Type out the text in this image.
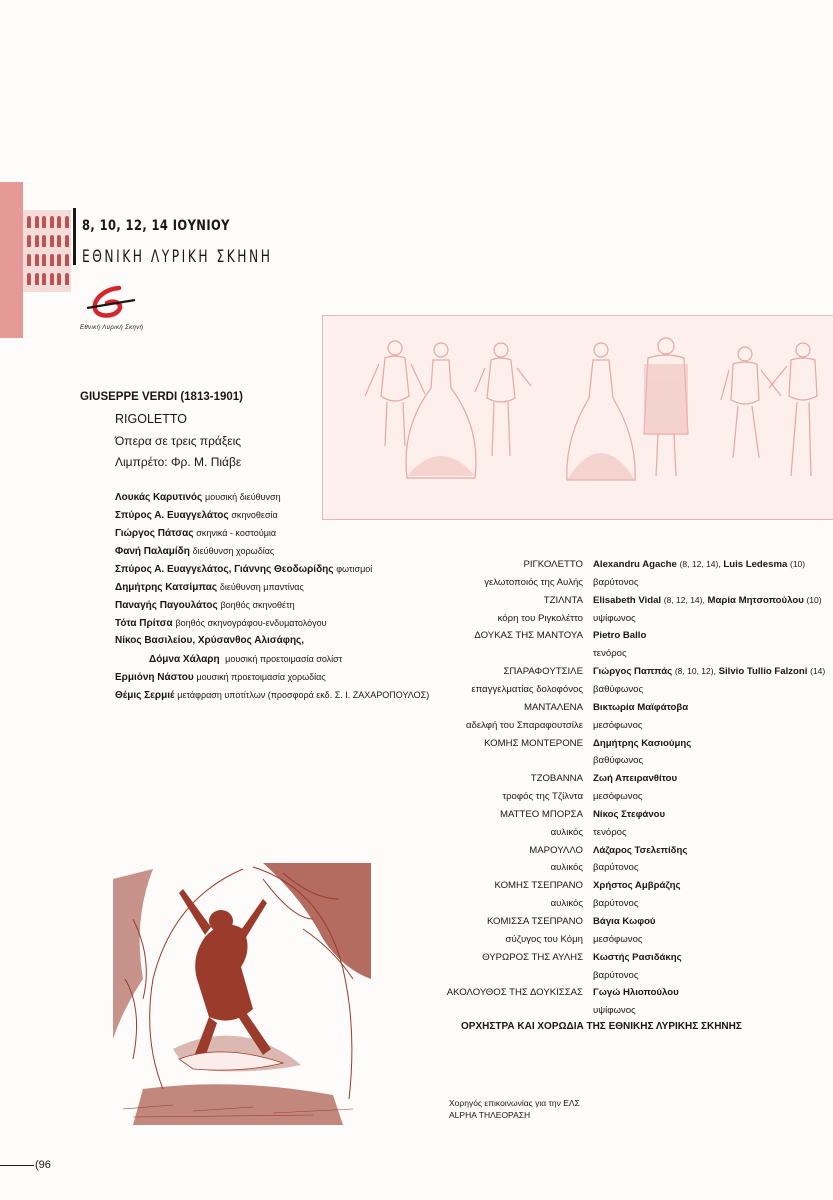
8, 10, 12, 14 ΙΟΥΝΙΟΥ
ΕΘΝΙΚΗ ΛΥΡΙΚΗ ΣΚΗΝΗ
Εθνική Λυρική Σκηνή
GIUSEPPE VERDI (1813-1901)
RIGOLETTO
Όπερα σε τρεις πράξεις
Λιμπρέτο: Φρ. Μ. Πιάβε
Λουκάς Καρυτινός μουσική διεύθυνση
Σπύρος Α. Ευαγγελάτος σκηνοθεσία
Γιώργος Πάτσας σκηνικά - κοστούμια
Φανή Παλαμίδη διεύθυνση χορωδίας
Σπύρος Α. Ευαγγελάτος, Γιάννης Θεοδωρίδης φωτισμοί
Δημήτρης Κατσίμπας διεύθυνση μπαντίνας
Παναγής Παγουλάτος βοηθός σκηνοθέτη
Τότα Πρίτσα βοηθός σκηνογράφου-ενδυματολόγου
Νίκος Βασιλείου, Χρύσανθος Αλισάφης,
Δόμνα Χάλαρη μουσική προετοιμασία σολίστ
Ερμιόνη Νάστου μουσική προετοιμασία χορωδίας
Θέμις Σερμιέ μετάφραση υποτίτλων (προσφορά εκδ. Σ. Ι. ΖΑΧΑΡΟΠΟΥΛΟΣ)
ΡΙΓΚΟΛΕΤΤΟ Alexandru Agache (8, 12, 14), Luis Ledesma (10)
γελωτοποιός της Αυλής βαρύτονος
ΤΖΙΛΝΤΑ Elisabeth Vidal (8, 12, 14), Μαρία Μητσοπούλου (10)
κόρη του Ριγκολέττο υψίφωνος
ΔΟΥΚΑΣ ΤΗΣ ΜΑΝΤΟΥΑ Pietro Ballo
τενόρος
ΣΠΑΡΑΦΟΥΤΣΙΛΕ Γιώργος Παππάς (8, 10, 12), Silvio Tullio Falzoni (14)
επαγγελματίας δολοφόνος βαθύφωνος
ΜΑΝΤΑΛΕΝΑ Βικτωρία Μαϊφάτοβα
αδελφή του Σπαραφουτσίλε μεσόφωνος
ΚΟΜΗΣ ΜΟΝΤΕΡΟΝΕ Δημήτρης Κασιούμης
βαθύφωνος
ΤΖΟΒΑΝΝΑ Ζωή Απειρανθίτου
τροφός της Τζίλντα μεσόφωνος
ΜΑΤΤΕΟ ΜΠΟΡΣΑ Νίκος Στεφάνου
αυλικός τενόρος
ΜΑΡΟΥΛΛΟ Λάζαρος Τσελεπίδης
αυλικός βαρύτονος
ΚΟΜΗΣ ΤΣΕΠΡΑΝΟ Χρήστος Αμβράζης
αυλικός βαρύτονος
ΚΟΜΙΣΣΑ ΤΣΕΠΡΑΝΟ Βάγια Κωφού
σύζυγος του Κόμη μεσόφωνος
ΘΥΡΩΡΟΣ ΤΗΣ ΑΥΛΗΣ Κωστής Ρασιδάκης
βαρύτονος
ΑΚΟΛΟΥΘΟΣ ΤΗΣ ΔΟΥΚΙΣΣΑΣ Γωγώ Ηλιοπούλου
υψίφωνος
ΟΡΧΗΣΤΡΑ ΚΑΙ ΧΟΡΩΔΙΑ ΤΗΣ ΕΘΝΙΚΗΣ ΛΥΡΙΚΗΣ ΣΚΗΝΗΣ
Χορηγός επικοινωνίας για την ΕΛΣ
ALPHA ΤΗΛΕΟΡΑΣΗ
(96
